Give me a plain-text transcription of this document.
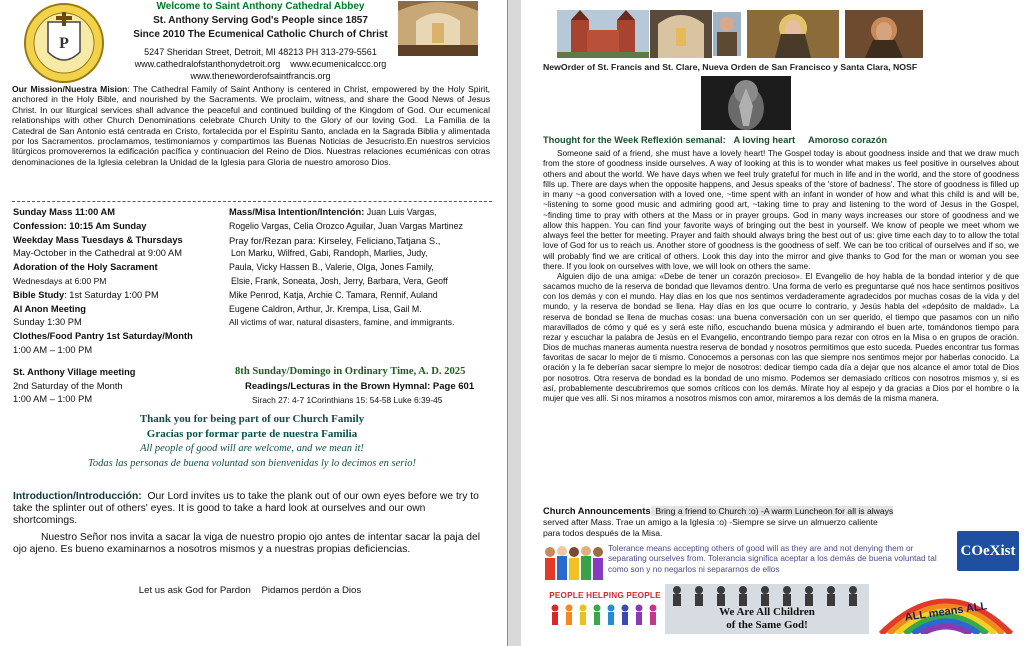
P
Welcome to Saint Anthony Cathedral Abbey
St. Anthony Serving God's People since 1857
Since 2010 The Ecumenical Catholic Church of Christ
5247 Sheridan Street, Detroit, MI 48213 PH 313-279-5561
www.cathedralofstanthonydetroit.org www.ecumenicalccc.org
www.theneworderofsaintfrancis.org
Our Mission/Nuestra Mision: The Cathedral Family of Saint Anthony is centered in Christ, empowered by the Holy Spirit, anchored in the Holy Bible, and nourished by the Sacraments. We proclaim, witness, and share the Good News of Jesus Christ. In our liturgical services shall advance the peaceful and continued building of the Kingdom of God. Our ecumenical relationships with other Church Denominations celebrate Church Unity to the Glory of our loving God. La Familia de la Catedral de San Antonio está centrada en Cristo, fortalecida por el Espíritu Santo, anclada en la Sagrada Biblia y alimentada por los Sacramentos. proclamamos, testimoniamos y compartimos las Buenas Noticias de Jesucristo.En nuestros servicios litúrgicos promoveremos la edificación pacífica y continuacion del Reino de Dios. Nuestras relaciones ecuménicas con otras denominaciones de la Iglesia celebran la Unidad de la Iglesia para Gloria de nuestro amoroso Dios.
Sunday Mass 11:00 AM
Confession: 10:15 Am Sunday
Weekday Mass Tuesdays & Thursdays
May-October in the Cathedral at 9:00 AM
Adoration of the Holy Sacrament
Wednesdays at 6:00 PM
Bible Study: 1st Saturday 1:00 PM
Al Anon Meeting
Sunday 1:30 PM
Clothes/Food Pantry 1st Saturday/Month
1:00 AM – 1:00 PM
St. Anthony Village meeting
2nd Saturday of the Month
1:00 AM – 1:00 PM
Mass/Misa Intention/Intención: Juan Luis Vargas,
Rogelio Vargas, Celia Orozco Aguilar, Juan Vargas Martinez
Pray for/Rezan para: Kirseley, Feliciano,Tatjana S.,
Lon Marku, Wilfred, Gabi, Randoph, Marlies, Judy,
Paula, Vicky Hassen B., Valerie, Olga, Jones Family,
Elsie, Frank, Soneata, Josh, Jerry, Barbara, Vera, Geoff
Mike Penrod, Katja, Archie C. Tamara, Rennif, Auland
Eugene Caldron, Arthur, Jr. Krempa, Lisa, Gail M.
All victims of war, natural disasters, famine, and immigrants.
8th Sunday/Domingo in Ordinary Time, A. D. 2025
Readings/Lecturas in the Brown Hymnal: Page 601
Sirach 27: 4-7 1Corinthians 15: 54-58 Luke 6:39-45
Thank you for being part of our Church Family
Gracias por formar parte de nuestra Familia
All people of good will are welcome, and we mean it!
Todas las personas de buena voluntad son bienvenidas ly lo decimos en serio!
Introduction/Introducción: Our Lord invites us to take the plank out of our own eyes before we try to take the splinter out of others' eyes. It is good to take a hard look at ourselves and our own shortcomings.
Nuestro Señor nos invita a sacar la viga de nuestro propio ojo antes de intentar sacar la paja del ojo ajeno. Es bueno examinarnos a nosotros mismos y a nuestras propias deficiencias.
Let us ask God for Pardon Pidamos perdón a Dios
NewOrder of St. Francis and St. Clare, Nueva Orden de San Francisco y Santa Clara, NOSF
Thought for the Week Reflexión semanal: A loving heart Amoroso corazón

Someone said of a friend, she must have a lovely heart! The Gospel today is about goodness inside and that we draw much from the store of goodness inside ourselves. A way of looking at this is to wonder what makes us feel positive in ourselves about others and about the world. We have days when we feel truly grateful for much in life and in the world, and the store of goodness fills up. There are days when the opposite happens, and Jesus speaks of the 'store of badness'. The store of goodness is filled up in many ~a good conversation with a loved one, ~time spent with an infant in wonder of how and what this child is and will be, ~listening to some good music and admiring good art, ~taking time to pray and listening to the word of Jesus in the Gospel, ~finding time to pray with others at the Mass or in prayer groups. God in many ways increases our store of goodness and we allow this happen. You can find your favorite ways of bringing out the best in yourself. We know of people we meet whom we always feel the better for meeting. Prayer and faith should always bring the best out of us: give time each day to to allow the total love of God for us to reach us. Another store of goodness is the goodness of self. We can be too critical of ourselves and if so, we will probably find we are critical of others. Look this day into the mirror and give thanks to God for the man or woman you see there. If you look on ourselves with love, we will look on others the same.

Alguien dijo de una amiga: «Debe de tener un corazón precioso». El Evangelio de hoy habla de la bondad interior y de que sacamos mucho de la reserva de bondad que llevamos dentro. Una forma de verlo es preguntarse qué nos hace sentirnos positivos con los demás y con el mundo. Hay días en los que nos sentimos verdaderamente agradecidos por muchas cosas de la vida y del mundo, y la reserva de bondad se llena. Hay días en los que ocurre lo contrario, y Jesús habla del «depósito de maldad». La reserva de bondad se llena de muchas cosas: una buena conversación con un ser querido, el tiempo que pasamos con un niño maravillados de cómo y qué es y será este niño, escuchando buena música y admirando el buen arte, tomándonos tiempo para rezar y escuchar la palabra de Jesús en el Evangelio, encontrando tiempo para rezar con otros en la Misa o en grupos de oración. Dios de muchas maneras aumenta nuestra reserva de bondad y nosotros permitimos que esto suceda. Puedes encontrar tus formas favoritas de sacar lo mejor de ti mismo. Conocemos a personas con las que siempre nos sentimos mejor por haberlas conocido. La oración y la fe deberían sacar siempre lo mejor de nosotros: dedicar tiempo cada día a dejar que nos alcance el amor total de Dios por nosotros. Otra reserva de bondad es la bondad de uno mismo. Podemos ser demasiado críticos con nosotros mismos y, si es así, probablemente descubriremos que somos críticos con los demás. Mírate hoy al espejo y da gracias a Dios por el hombre o la mujer que ves allí. Si nos miramos a nosotros mismos con amor, miraremos a los demás de la misma manera.

Church Announcements Bring a friend to Church :o) -A warm Luncheon for all is always
served after Mass. Trae un amigo a la Iglesia :o) -Siempre se sirve un almuerzo caliente
para todos después de la Misa.
Tolerance means accepting others of good will as they are and not denying them or separating ourselves from. Tolerancia significa aceptar a los demás de buena voluntad tal como son y no negarlos ni separarnos de ellos
COeXist
PEOPLE HELPING PEOPLE
We Are All Children
of the Same God!
ALL means ALL
